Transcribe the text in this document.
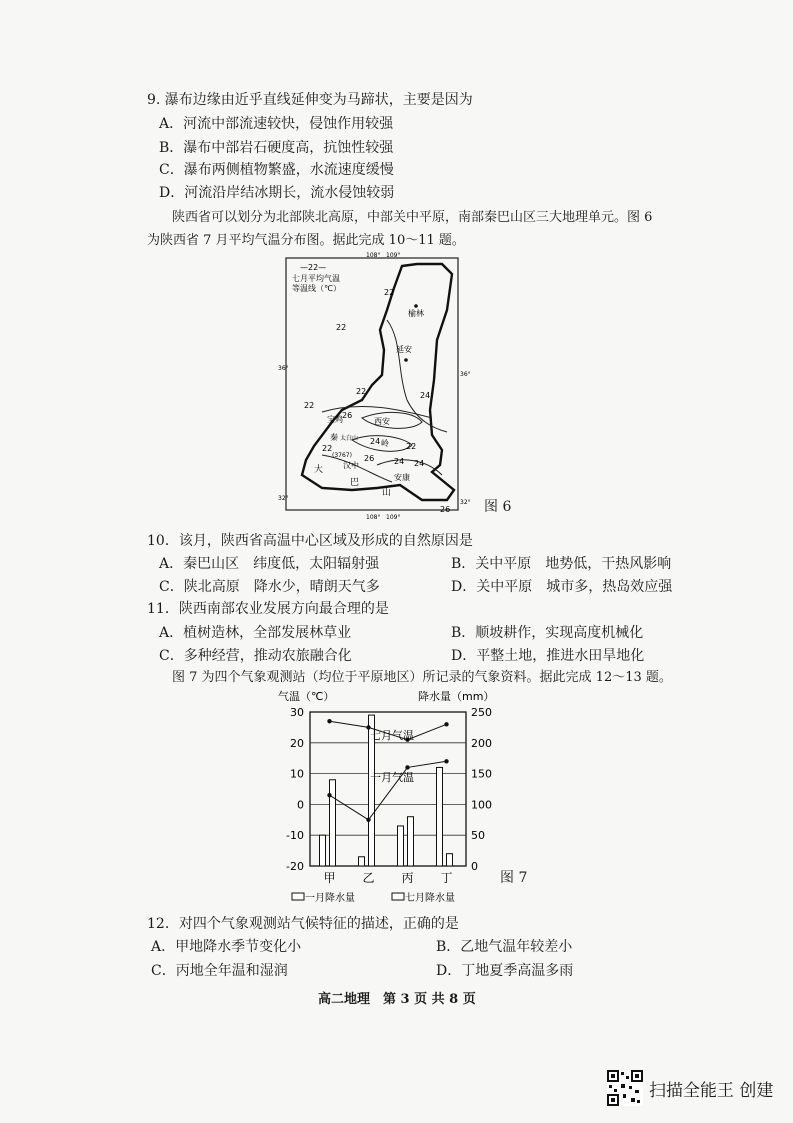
9. 瀑布边缘由近乎直线延伸变为马蹄状，主要是因为
A．河流中部流速较快，侵蚀作用较强
B．瀑布中部岩石硬度高，抗蚀性较强
C．瀑布两侧植物繁盛，水流速度缓慢
D．河流沿岸结冰期长，流水侵蚀较弱
陕西省可以划分为北部陕北高原，中部关中平原，南部秦巴山区三大地理单元。图 6
为陕西省 7 月平均气温分布图。据此完成 10～11 题。
—22—
七月平均气温
等温线（℃）
108° 109°
108° 109°
36°
36°
32°
32°
榆林
延安
宝鸡	西安
汉中
安康
秦
岭
大
巴
山
太白山
(3767)
22
22
22
22
24
26
24
22
22
24
26
24
26 图 6
10．该月，陕西省高温中心区域及形成的自然原因是
A．秦巴山区　纬度低，太阳辐射强	B．关中平原　地势低，干热风影响
C．陕北高原　降水少，晴朗天气多	D．关中平原　城市多，热岛效应强
11．陕西南部农业发展方向最合理的是
A．植树造林，全部发展林草业	B．顺坡耕作，实现高度机械化
C．多种经营，推动农旅融合化	D．平整土地，推进水田旱地化
图 7 为四个气象观测站（均位于平原地区）所记录的气象资料。据此完成 12～13 题。
气温（℃）	降水量（mm）
30
20
10
0
-10
-20
250
200
150
100
50
0
甲 乙 丙 丁
七月气温
一月气温
一月降水量	七月降水量
图 7
12．对四个气象观测站气候特征的描述，正确的是
A．甲地降水季节变化小	B．乙地气温年较差小
C．丙地全年温和湿润	D．丁地夏季高温多雨
高二地理　第 3 页 共 8 页
扫描全能王 创建
